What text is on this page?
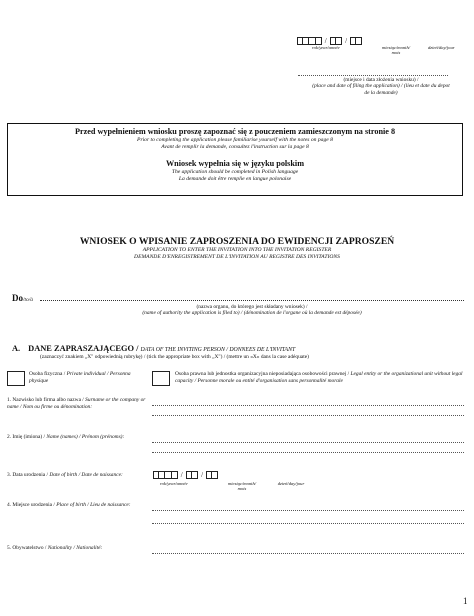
/	/
rok/year/année	miesiąc/month/ mois
dzień/day/jour
(miejsce i data złożenia wniosku) /
(place and date of filing the application) / (lieu et date du depot
de la demande)
Przed wypełnieniem wniosku proszę zapoznać się z pouczeniem zamieszczonym na stronie 8
Prior to completing the application please familiarise yourself with the notes on page 8
Avant de remplir la demande, consultez l'instruction sur la page 8
Wniosek wypełnia się w języku polskim
The application should be completed in Polish language
La demande doit être remplie en langue polonaise
WNIOSEK O WPISANIE ZAPROSZENIA DO EWIDENCJI ZAPROSZEŃ
APPLICATION TO ENTER THE INVITATION INTO THE INVITATION REGISTER
DEMANDE D'ENREGISTREMENT DE L'INVITATION AU REGISTRE DES INVITATIONS
Do/to/à
(nazwa organu, do którego jest składany wniosek) /
(name of authority the application is filed to) / (dénomination de l'organe où la demande est déposée)
A. DANE ZAPRASZAJĄCEGO / DATA OF THE INVITING PERSON / DONNEES DE L'INVITANT
(zaznaczyć znakiem „X" odpowiednią rubrykę) / (tick the appropriate box with „X") / (mettre un «X» dans la case adéquate)
Osoba fizyczna / Private individual / Personna physique
Osoba prawna lub jednostka organizacyjna nieposiadająca osobowości prawnej / Legal entity or the organizational unit without legal capacity / Personne morale ou entité d'organisation sans personnalité morale
1. Nazwisko lub firma albo nazwa / Surname or the company or name / Nom ou firme ou dénomination:
2. Imię (imiona) / Name (names) / Prénom (prénoms):
3. Data urodzenia / Date of birth / Date de naissance:	/	/
rok/year/année	miesiąc/month/ mois
dzień/day/jour
4. Miejsce urodzenia / Place of birth / Lieu de naissance:
5. Obywatelstwo / Nationality / Nationalité:
1
